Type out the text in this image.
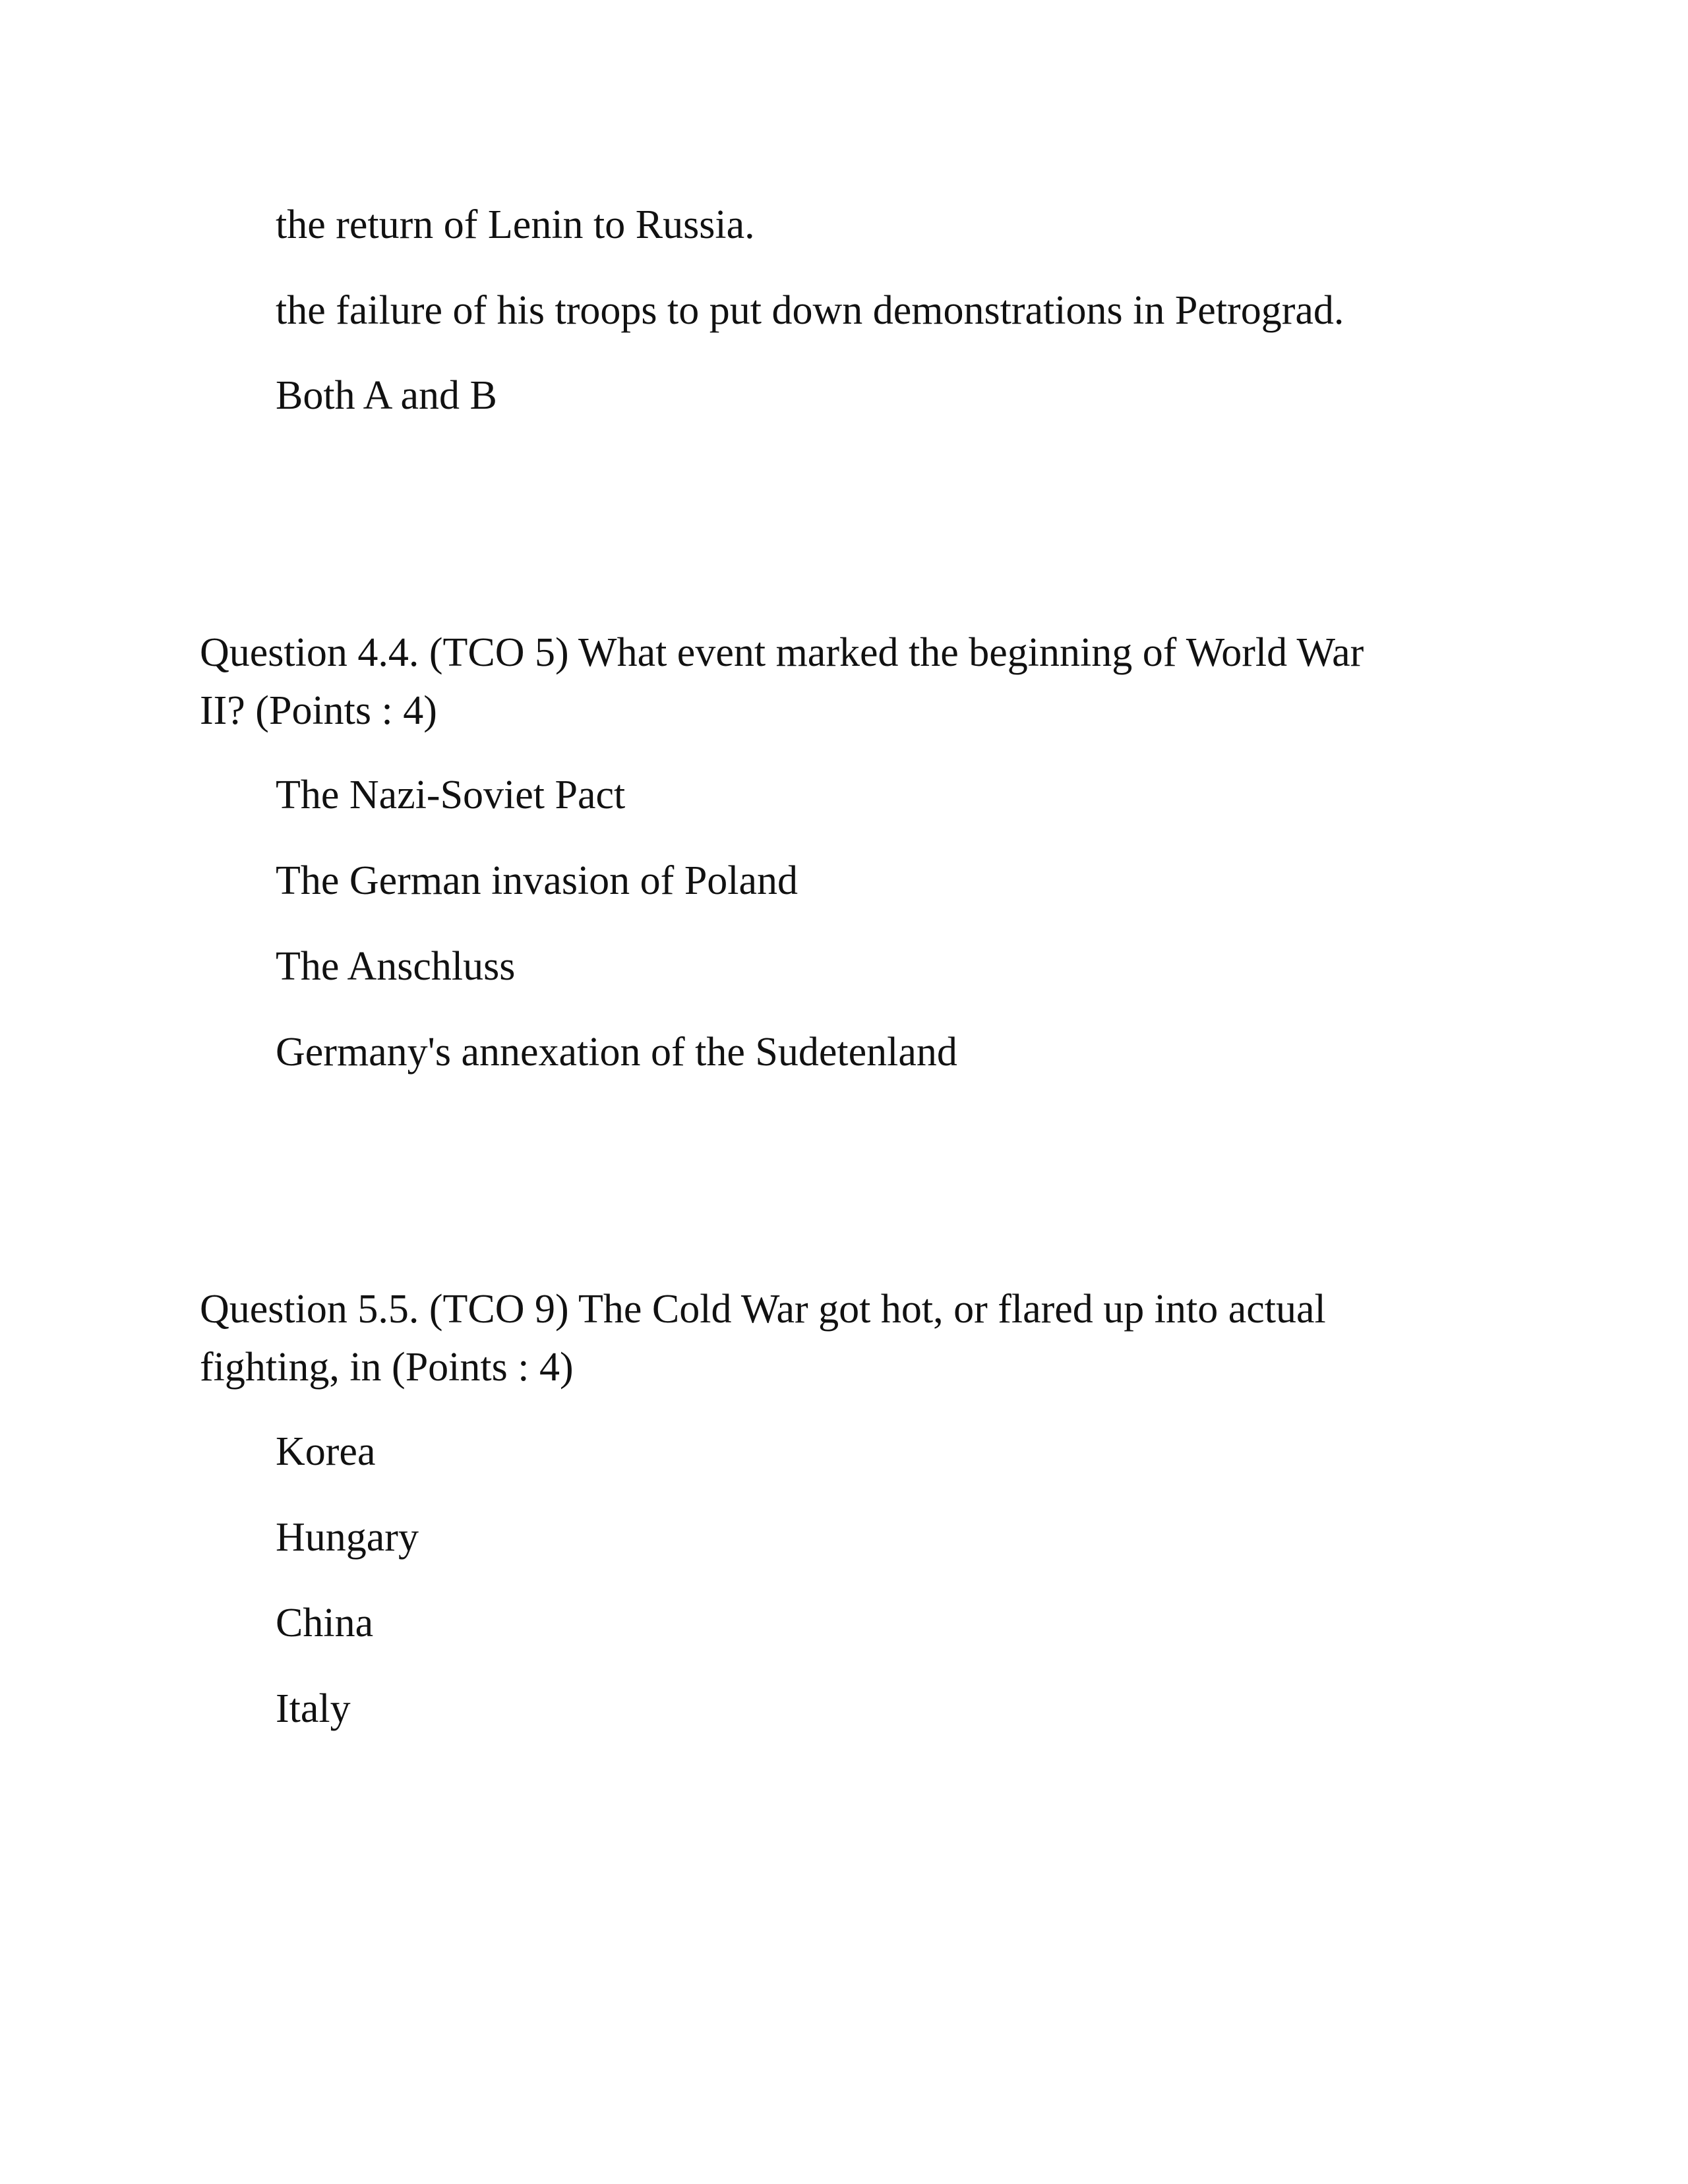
the return of Lenin to Russia.

the failure of his troops to put down demonstrations in Petrograd.

Both A and B

Question 4.4. (TCO 5) What event marked the beginning of World War

II? (Points : 4)

The Nazi-Soviet Pact

The German invasion of Poland

The Anschluss

Germany's annexation of the Sudetenland

Question 5.5. (TCO 9) The Cold War got hot, or flared up into actual

fighting, in (Points : 4)

Korea

Hungary

China

Italy
